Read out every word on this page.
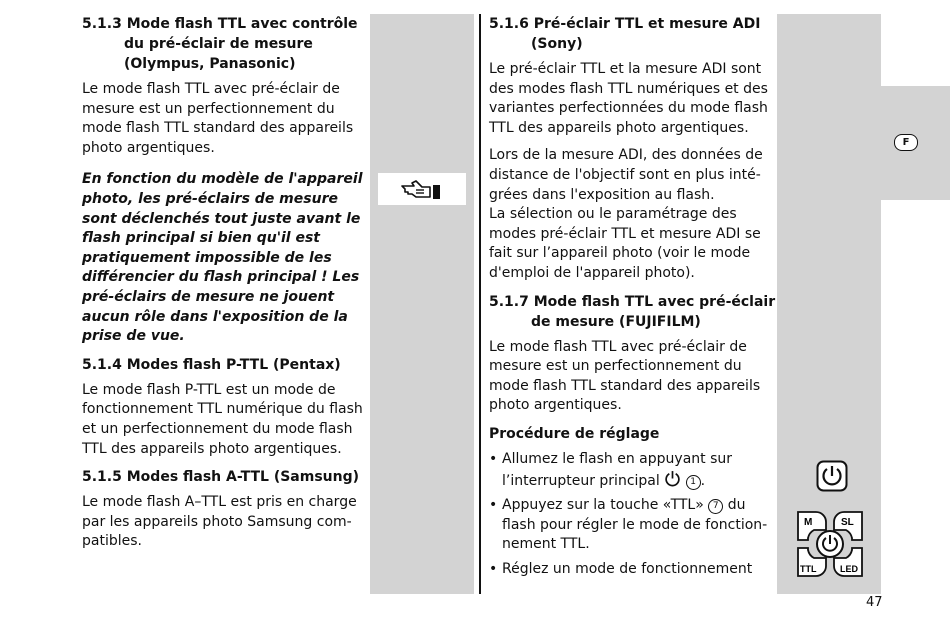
F
5.1.3 Mode flash TTL avec contrôle du pré-éclair de mesure (Olympus, Panasonic)

Le mode flash TTL avec pré-éclair de mesure est un perfectionnement du mode flash TTL standard des appareils photo argentiques.

En fonction du modèle de l'appareil photo, les pré-éclairs de mesure sont déclenchés tout juste avant le flash principal si bien qu'il est pratiquement impossible de les différencier du flash principal ! Les pré-éclairs de mesure ne jouent aucun rôle dans l'exposition de la prise de vue.

5.1.4 Modes flash P-TTL (Pentax)

Le mode flash P-TTL est un mode de fonctionnement TTL numérique du flash et un perfectionnement du mode flash TTL des appareils photo argentiques.

5.1.5 Modes flash A-TTL (Samsung)

Le mode flash A–TTL est pris en charge par les appareils photo Samsung compatibles.

5.1.6 Pré-éclair TTL et mesure ADI (Sony)

Le pré-éclair TTL et la mesure ADI sont des modes flash TTL numériques et des variantes perfectionnées du mode flash TTL des appareils photo argentiques.

Lors de la mesure ADI, des données de distance de l'objectif sont en plus intégrées dans l'exposition au flash.

La sélection ou le paramétrage des modes pré-éclair TTL et mesure ADI se fait sur l’appareil photo (voir le mode d'emploi de l'appareil photo).

5.1.7 Mode flash TTL avec pré-éclair de mesure (FUJIFILM)

Le mode flash TTL avec pré-éclair de mesure est un perfectionnement du mode flash TTL standard des appareils photo argentiques.

Procédure de réglage
• Allumez le flash en appuyant sur l’interrupteur principal	1 .
• Appuyez sur la touche «TTL» 7 du flash pour régler le mode de fonctionnement TTL.
• Réglez un mode de fonctionnement
M	SL
TTL	LED
47
